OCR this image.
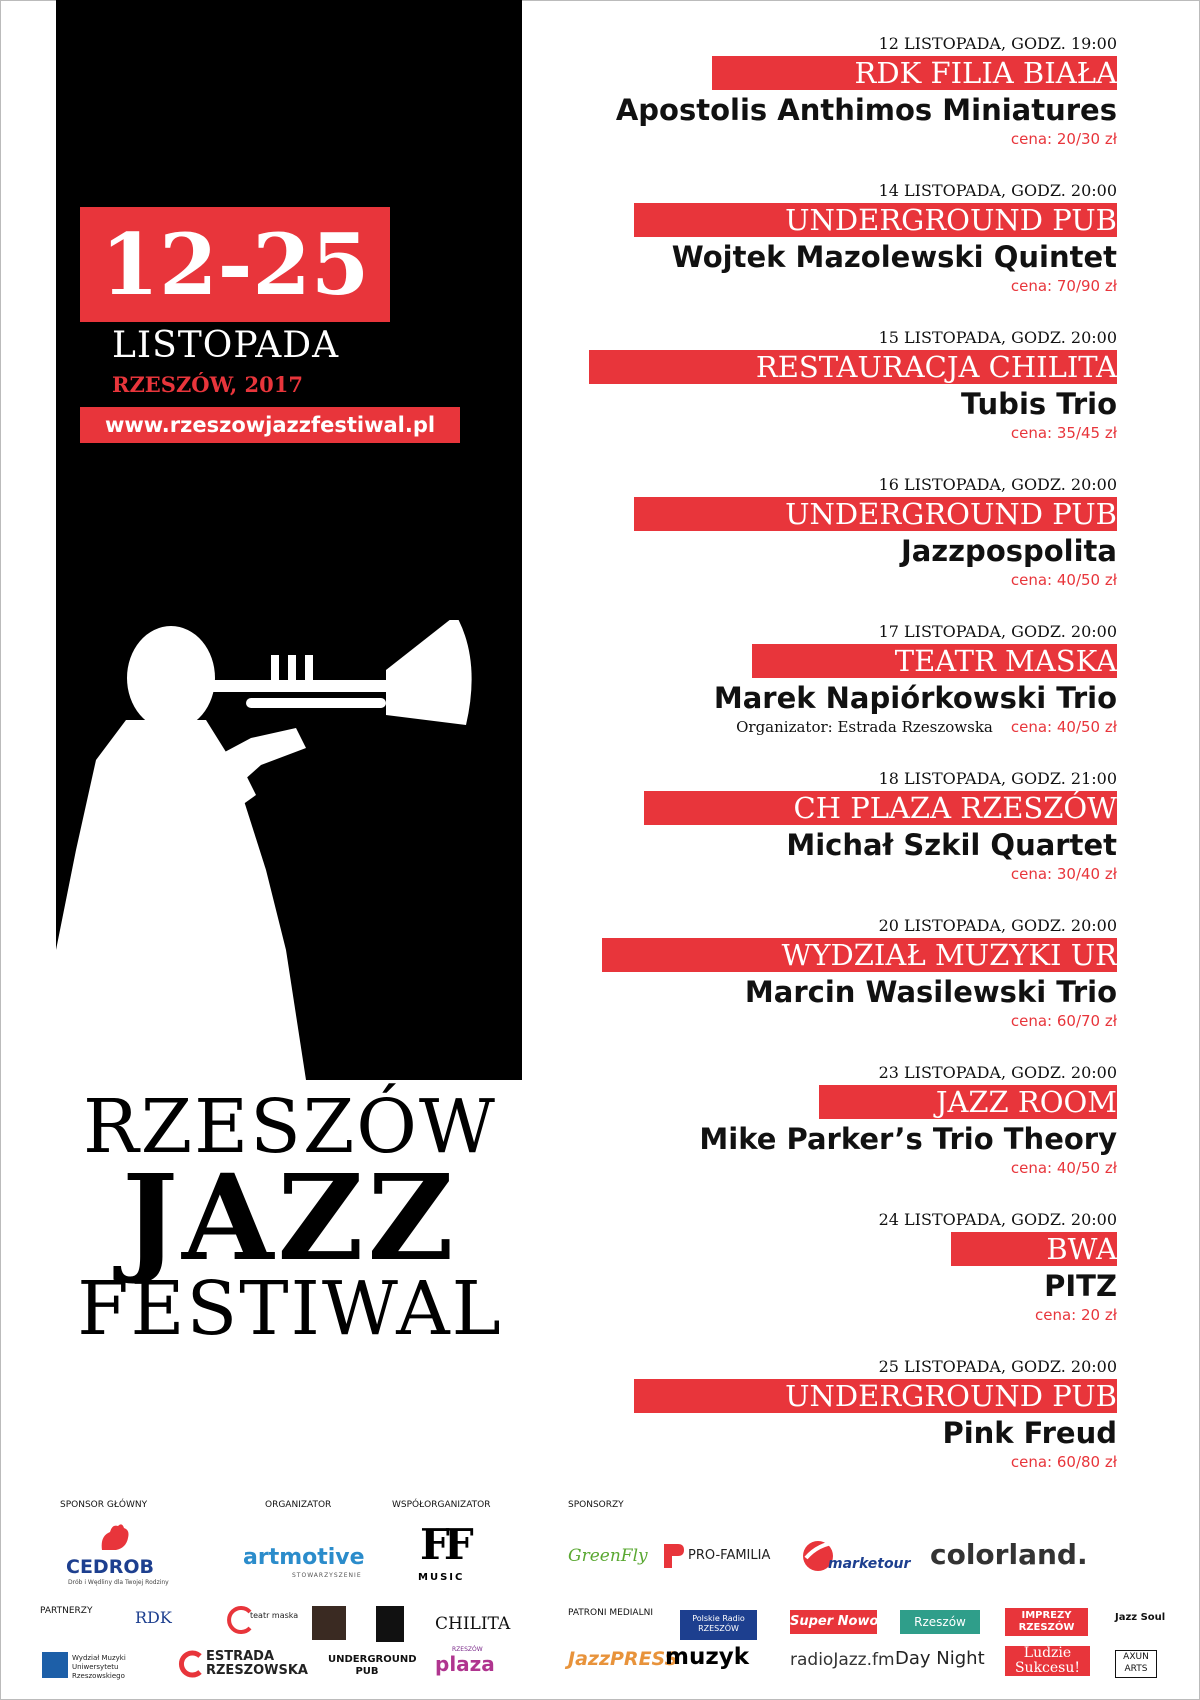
12-25
LISTOPADA
RZESZÓW, 2017
www.rzeszowjazzfestiwal.pl
RZESZÓW
JAZZ
FESTIWAL
12 LISTOPADA, GODZ. 19:00
RDK FILIA BIAŁA
Apostolis Anthimos Miniatures
cena: 20/30 zł
14 LISTOPADA, GODZ. 20:00
UNDERGROUND PUB
Wojtek Mazolewski Quintet
cena: 70/90 zł
15 LISTOPADA, GODZ. 20:00
RESTAURACJA CHILITA
Tubis Trio
cena: 35/45 zł
16 LISTOPADA, GODZ. 20:00
UNDERGROUND PUB
Jazzpospolita
cena: 40/50 zł
17 LISTOPADA, GODZ. 20:00
TEATR MASKA
Marek Napiórkowski Trio
Organizator: Estrada Rzeszowska cena: 40/50 zł
18 LISTOPADA, GODZ. 21:00
CH PLAZA RZESZÓW
Michał Szkil Quartet
cena: 30/40 zł
20 LISTOPADA, GODZ. 20:00
WYDZIAŁ MUZYKI UR
Marcin Wasilewski Trio
cena: 60/70 zł
23 LISTOPADA, GODZ. 20:00
JAZZ ROOM
Mike Parker’s Trio Theory
cena: 40/50 zł
24 LISTOPADA, GODZ. 20:00
BWA
PITZ
cena: 20 zł
25 LISTOPADA, GODZ. 20:00
UNDERGROUND PUB
Pink Freud
cena: 60/80 zł
SPONSOR GŁÓWNY	ORGANIZATOR	WSPÓŁORGANIZATOR	SPONSORZY
PARTNERZY	PATRONI MEDIALNI
CEDROB
Drób i Wędliny dla Twojej Rodziny
artmotive
STOWARZYSZENIE
FF
MUSIC
GreenFly	PRO-FAMILIA
marketour colorland.
RDK	teatr maska	CHILITA
Wydział Muzyki Uniwersytetu Rzeszowskiego
ESTRADA RZESZOWSKA
UNDERGROUND PUB
RZESZÓW
plaza
Polskie Radio RZESZÓW	Super Nowości	Rzeszów	IMPREZY RZESZÓW
Jazz Soul
JazzPRESS
muzyk radioJazz.fm Day Night	Ludzie Sukcesu!
AXUN ARTS
